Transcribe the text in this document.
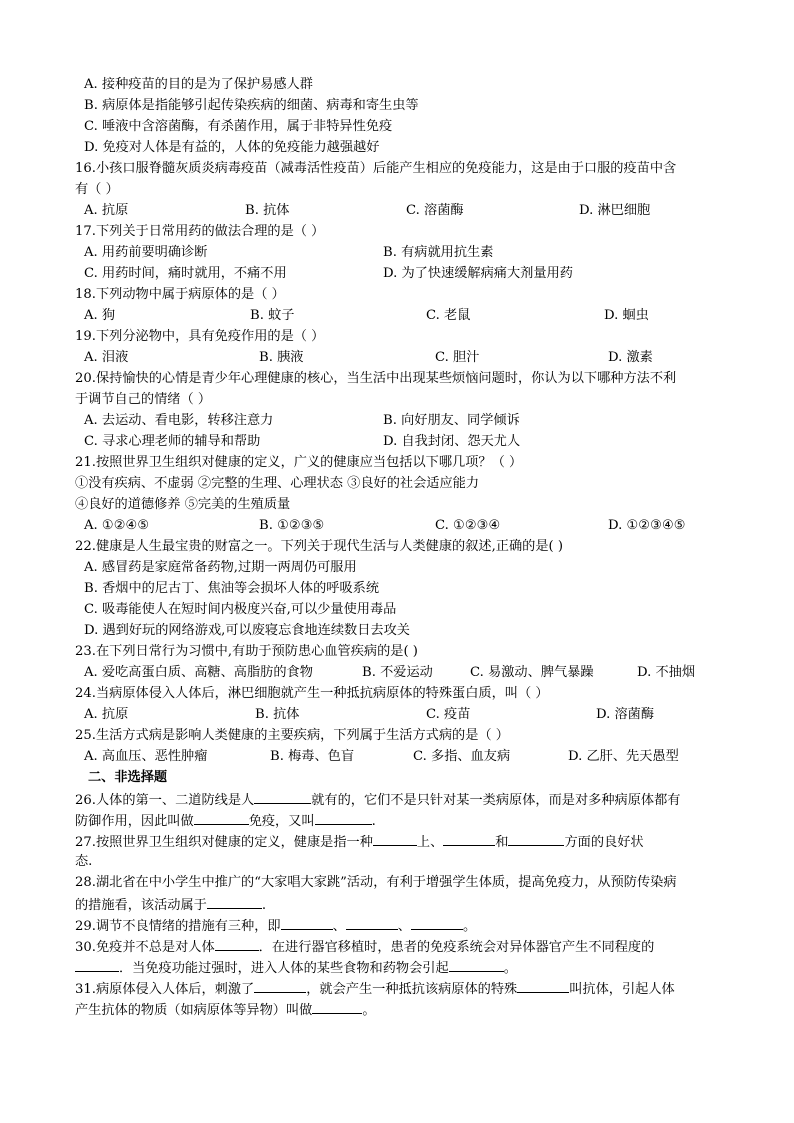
A. 接种疫苗的目的是为了保护易感人群
B. 病原体是指能够引起传染疾病的细菌、病毒和寄生虫等
C. 唾液中含溶菌酶，有杀菌作用，属于非特异性免疫
D. 免疫对人体是有益的，人体的免疫能力越强越好
16.小孩口服脊髓灰质炎病毒疫苗（减毒活性疫苗）后能产生相应的免疫能力，这是由于口服的疫苗中含
有（ ）
A. 抗原	B. 抗体	C. 溶菌酶	D. 淋巴细胞
17.下列关于日常用药的做法合理的是（ ）
A. 用药前要明确诊断	B. 有病就用抗生素
C. 用药时间，痛时就用，不痛不用	D. 为了快速缓解病痛大剂量用药
18.下列动物中属于病原体的是（ ）
A. 狗	B. 蚊子	C. 老鼠	D. 蛔虫
19.下列分泌物中，具有免疫作用的是（ ）
A. 泪液	B. 胰液	C. 胆汁	D. 激素
20.保持愉快的心情是青少年心理健康的核心，当生活中出现某些烦恼问题时，你认为以下哪种方法不利
于调节自己的情绪（ ）
A. 去运动、看电影，转移注意力	B. 向好朋友、同学倾诉
C. 寻求心理老师的辅导和帮助	D. 自我封闭、怨天尤人
21.按照世界卫生组织对健康的定义，广义的健康应当包括以下哪几项？（ ）
①没有疾病、不虚弱 ②完整的生理、心理状态 ③良好的社会适应能力
④良好的道德修养 ⑤完美的生殖质量
A. ①②④⑤	B. ①②③⑤	C. ①②③④	D. ①②③④⑤
22.健康是人生最宝贵的财富之一。下列关于现代生活与人类健康的叙述,正确的是( )
A. 感冒药是家庭常备药物,过期一两周仍可服用
B. 香烟中的尼古丁、焦油等会损坏人体的呼吸系统
C. 吸毒能使人在短时间内极度兴奋,可以少量使用毒品
D. 遇到好玩的网络游戏,可以废寝忘食地连续数日去攻关
23.在下列日常行为习惯中,有助于预防患心血管疾病的是( )
A. 爱吃高蛋白质、高糖、高脂肪的食物	B. 不爱运动	C. 易激动、脾气暴躁	D. 不抽烟
24.当病原体侵入人体后，淋巴细胞就产生一种抵抗病原体的特殊蛋白质，叫（ ）
A. 抗原	B. 抗体	C. 疫苗	D. 溶菌酶
25.生活方式病是影响人类健康的主要疾病，下列属于生活方式病的是（ ）
A. 高血压、恶性肿瘤	B. 梅毒、色盲	C. 多指、血友病	D. 乙肝、先天愚型
二、非选择题
26.人体的第一、二道防线是人	就有的，它们不是只针对某一类病原体，而是对多种病原体都有
防御作用，因此叫做	免疫，又叫	.
27.按照世界卫生组织对健康的定义，健康是指一种	上、	和	方面的良好状
态.
28.湖北省在中小学生中推广的“大家唱大家跳”活动，有利于增强学生体质，提高免疫力，从预防传染病
的措施看，该活动属于	.
29.调节不良情绪的措施有三种，即	、	、	。
30.免疫并不总是对人体	．在进行器官移植时，患者的免疫系统会对异体器官产生不同程度的
．当免疫功能过强时，进入人体的某些食物和药物会引起	。
31.病原体侵入人体后，刺激了	，就会产生一种抵抗该病原体的特殊	叫抗体，引起人体
产生抗体的物质（如病原体等异物）叫做	。
